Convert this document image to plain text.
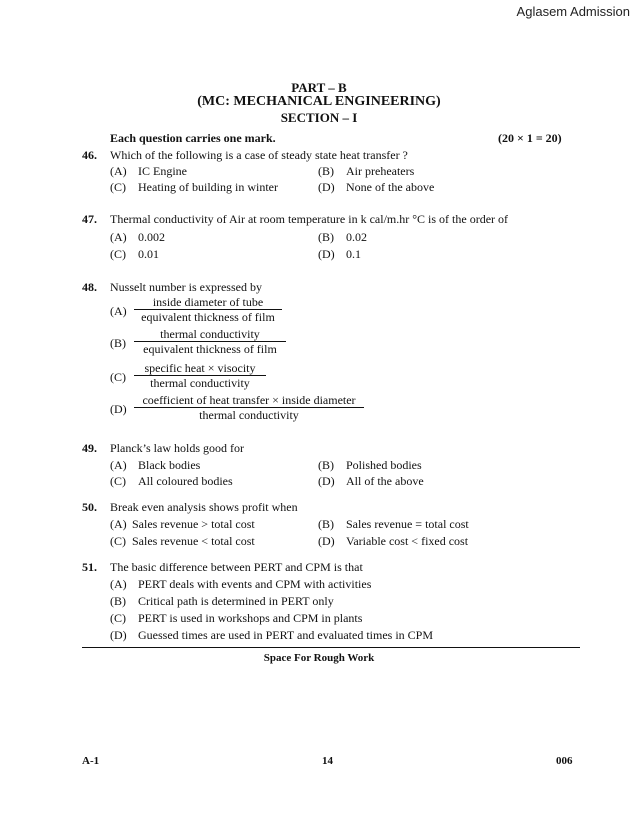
Aglasem Admission
PART – B
(MC: MECHANICAL ENGINEERING)
SECTION – I
Each question carries one mark.	(20 × 1 = 20)
46. Which of the following is a case of steady state heat transfer ?
(A) IC Engine	(B) Air preheaters
(C) Heating of building in winter	(D) None of the above
47. Thermal conductivity of Air at room temperature in k cal/m.hr °C is of the order of
(A) 0.002	(B) 0.02
(C) 0.01	(D) 0.1
48. Nusselt number is expressed by
(A)
inside diameter of tube
equivalent thickness of film
(B)
thermal conductivity
equivalent thickness of film
(C)
specific heat × visocity
thermal conductivity
(D)
coefficient of heat transfer × inside diameter
thermal conductivity
49. Planck’s law holds good for
(A) Black bodies	(B) Polished bodies
(C) All coloured bodies	(D) All of the above
50. Break even analysis shows profit when
(A) Sales revenue > total cost	(B) Sales revenue = total cost
(C) Sales revenue < total cost	(D) Variable cost < fixed cost
51. The basic difference between PERT and CPM is that
(A) PERT deals with events and CPM with activities
(B) Critical path is determined in PERT only
(C) PERT is used in workshops and CPM in plants
(D) Guessed times are used in PERT and evaluated times in CPM
Space For Rough Work
A-1	14	006
